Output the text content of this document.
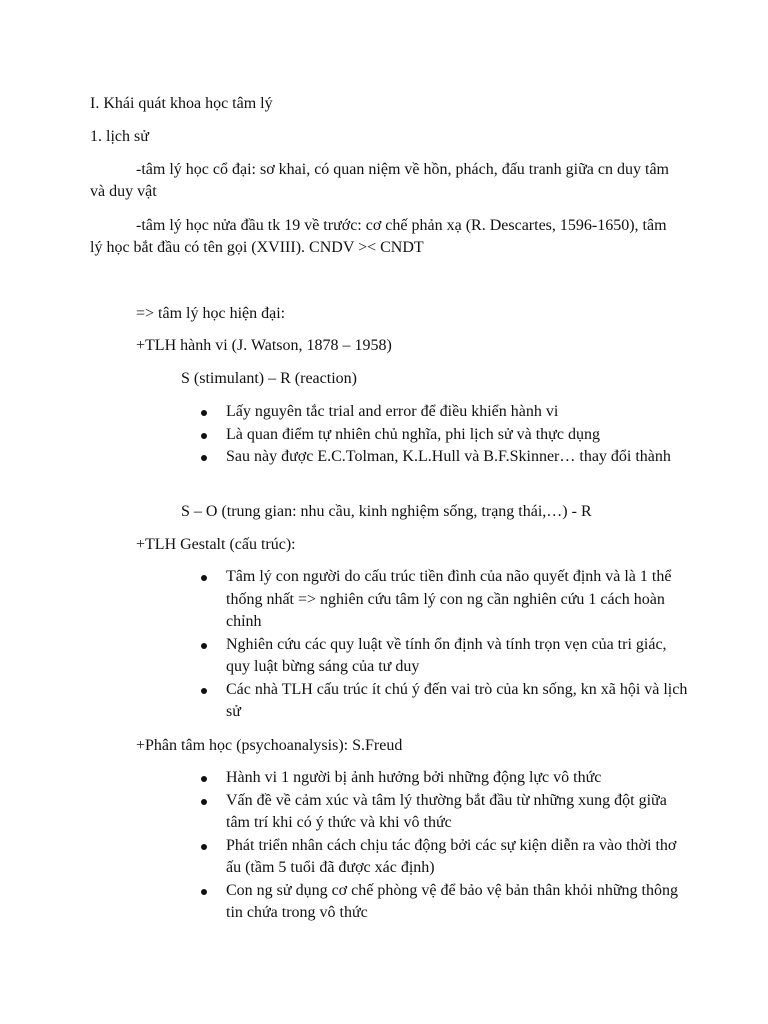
I. Khái quát khoa học tâm lý
1. lịch sử
-tâm lý học cổ đại: sơ khai, có quan niệm về hồn, phách, đấu tranh giữa cn duy tâm và duy vật
-tâm lý học nửa đầu tk 19 về trước: cơ chế phản xạ (R. Descartes, 1596-1650), tâm lý học bắt đầu có tên gọi (XVIII). CNDV >< CNDT
=> tâm lý học hiện đại:
+TLH hành vi (J. Watson, 1878 – 1958)
S (stimulant) – R (reaction)
Lấy nguyên tắc trial and error để điều khiển hành vi
Là quan điểm tự nhiên chủ nghĩa, phi lịch sử và thực dụng
Sau này được E.C.Tolman, K.L.Hull và B.F.Skinner… thay đổi thành
S – O (trung gian: nhu cầu, kinh nghiệm sống, trạng thái,…) - R
+TLH Gestalt (cấu trúc):
Tâm lý con người do cấu trúc tiền đình của não quyết định và là 1 thể thống nhất => nghiên cứu tâm lý con ng cần nghiên cứu 1 cách hoàn chỉnh
Nghiên cứu các quy luật về tính ổn định và tính trọn vẹn của tri giác, quy luật bừng sáng của tư duy
Các nhà TLH cấu trúc ít chú ý đến vai trò của kn sống, kn xã hội và lịch sử
+Phân tâm học (psychoanalysis): S.Freud
Hành vi 1 người bị ảnh hưởng bởi những động lực vô thức
Vấn đề về cảm xúc và tâm lý thường bắt đầu từ những xung đột giữa tâm trí khi có ý thức và khi vô thức
Phát triển nhân cách chịu tác động bởi các sự kiện diễn ra vào thời thơ ấu (tầm 5 tuổi đã được xác định)
Con ng sử dụng cơ chế phòng vệ để bảo vệ bản thân khỏi những thông tin chứa trong vô thức
